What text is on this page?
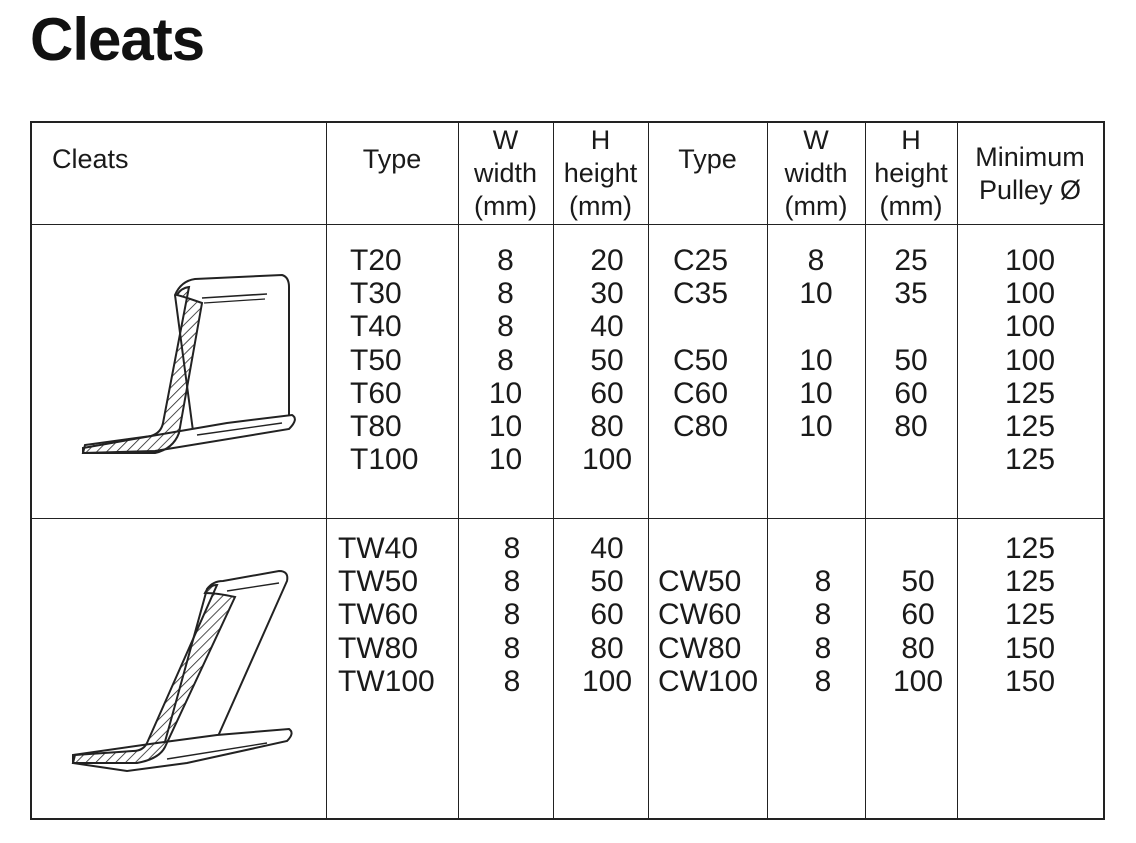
Cleats
Cleats	Type
W
width
(mm)
H
height
(mm)
Type
W
width
(mm)
H
height
(mm)
Minimum
Pulley Ø
T20
T30
T40
T50
T60
T80
T100
8
8
8
8
10
10
10
20
30
40
50
60
80
100
C25
C35
C50
C60
C80
8
10
10
10
10
25
35
50
60
80
100
100
100
100
125
125
125
TW40
TW50
TW60
TW80
TW100
8
8
8
8
8
40
50
60
80
100
CW50
CW60
CW80
CW100
8
8
8
8
50
60
80
100
125
125
125
150
150
